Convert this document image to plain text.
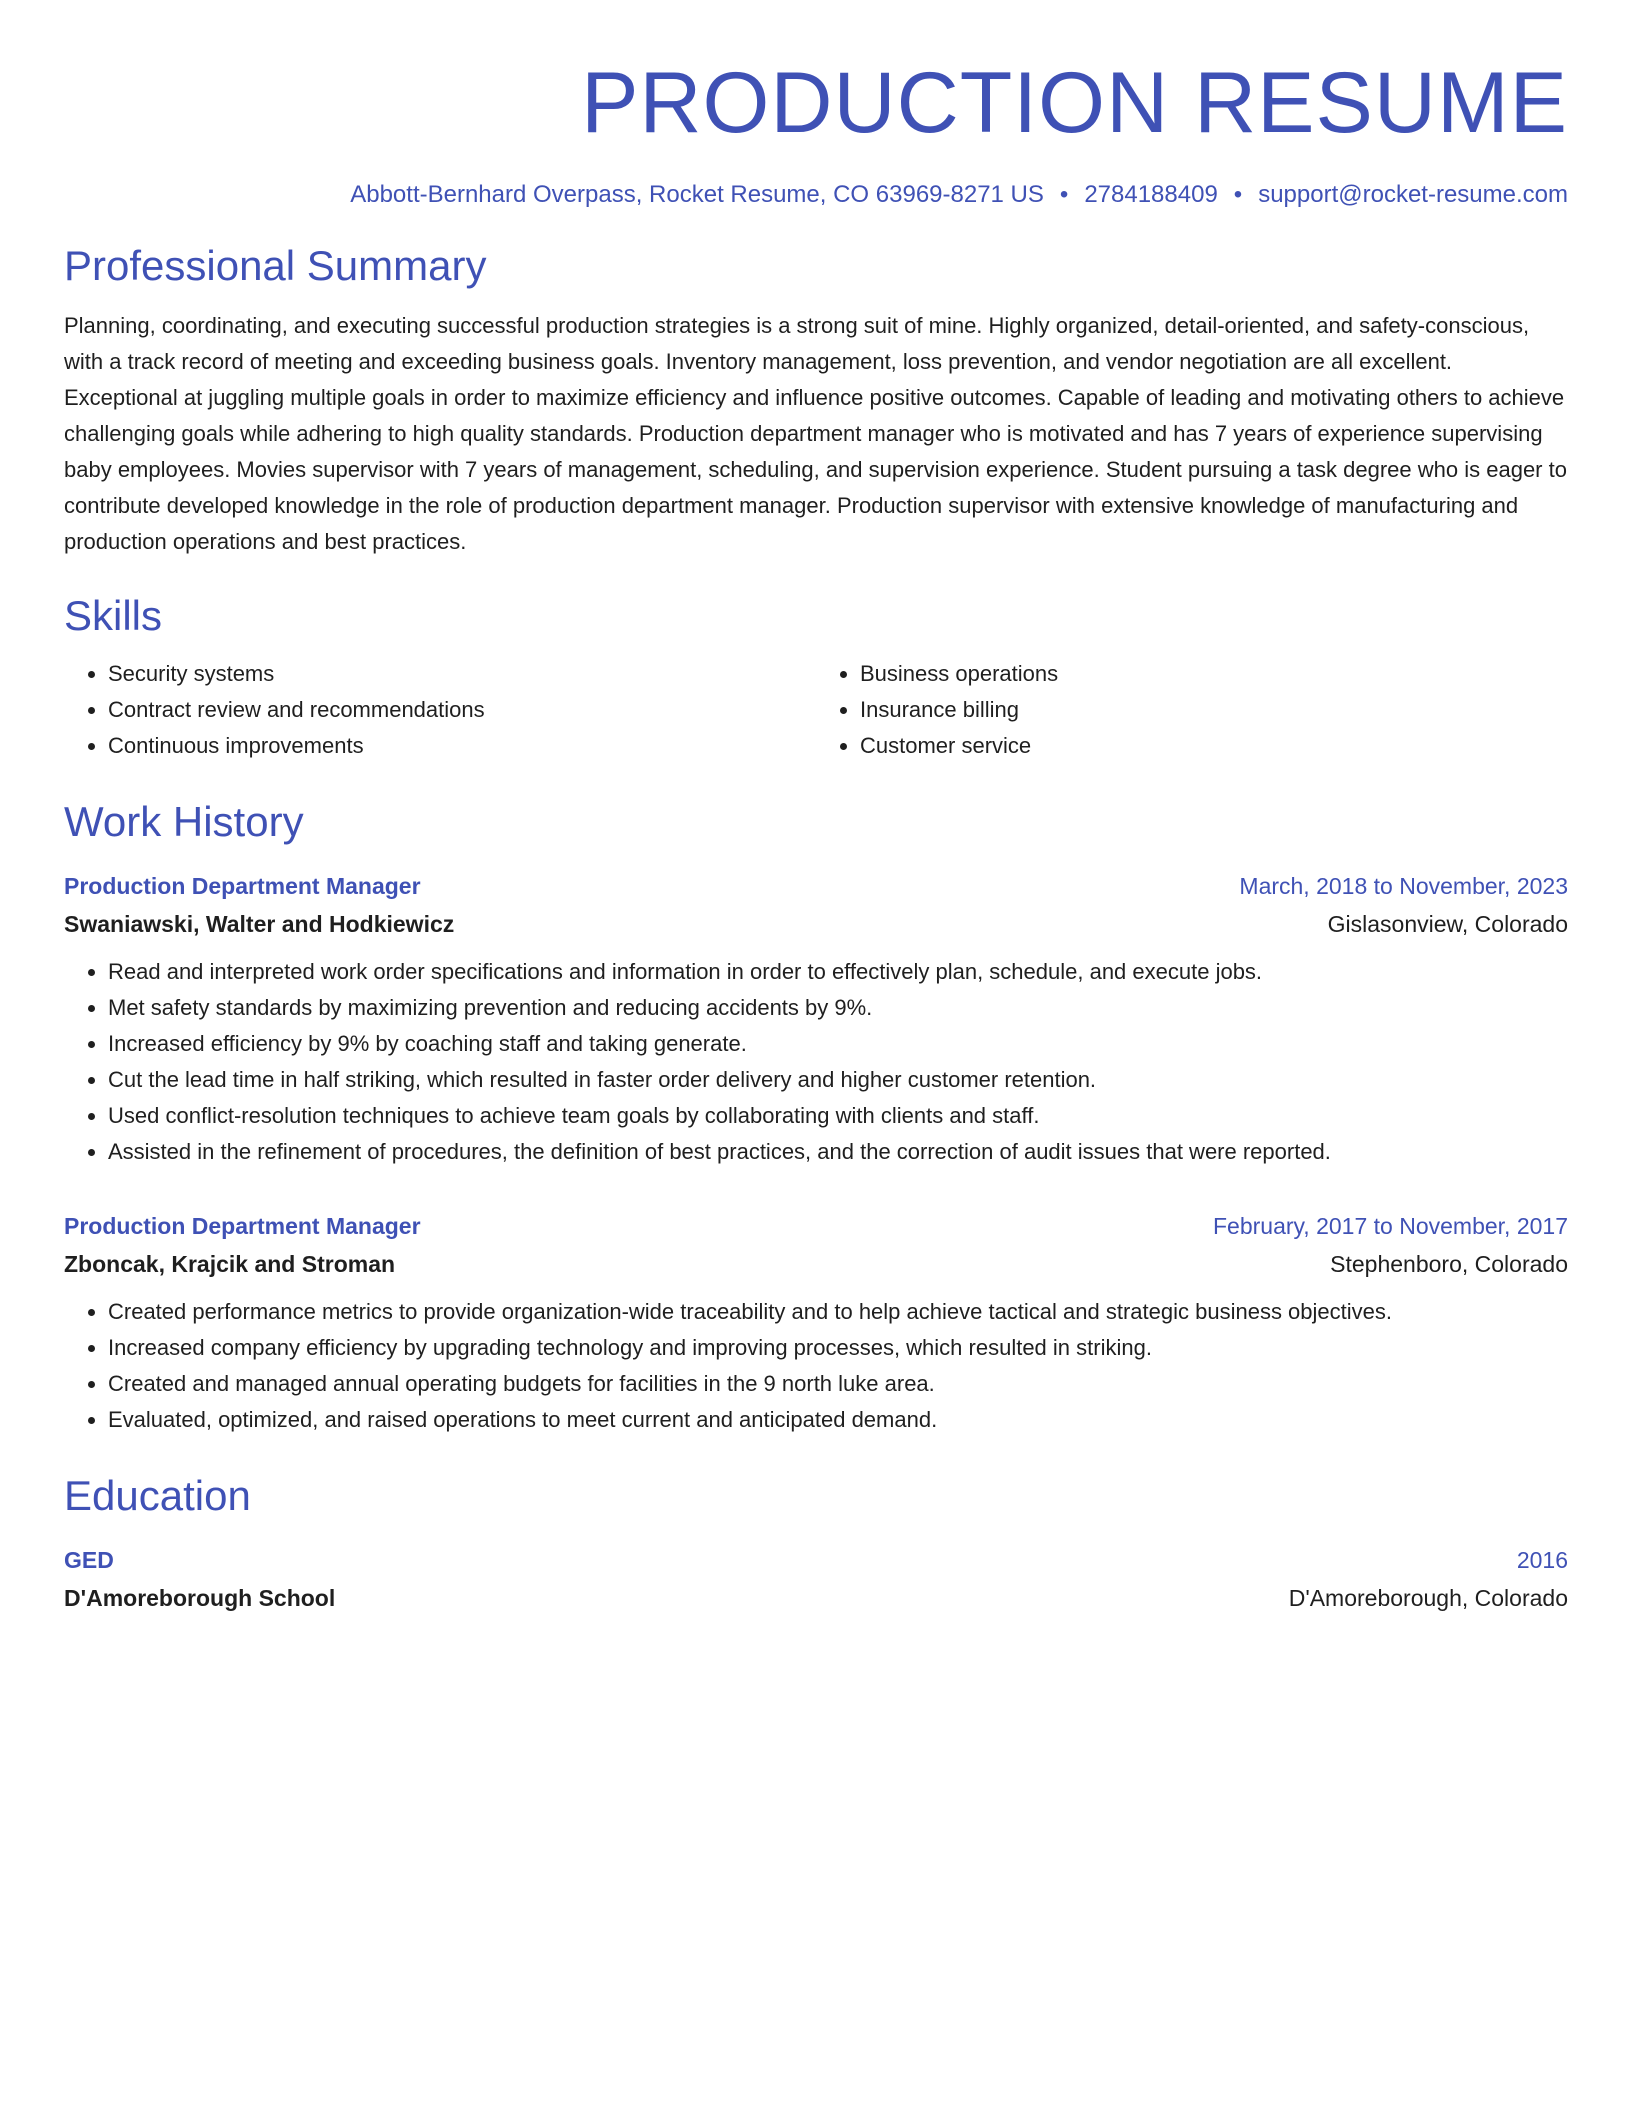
PRODUCTION RESUME
Abbott-Bernhard Overpass, Rocket Resume, CO 63969-8271 US • 2784188409 • support@rocket-resume.com
Professional Summary

Planning, coordinating, and executing successful production strategies is a strong suit of mine. Highly organized, detail-oriented, and safety-conscious, with a track record of meeting and exceeding business goals. Inventory management, loss prevention, and vendor negotiation are all excellent. Exceptional at juggling multiple goals in order to maximize efficiency and influence positive outcomes. Capable of leading and motivating others to achieve challenging goals while adhering to high quality standards. Production department manager who is motivated and has 7 years of experience supervising baby employees. Movies supervisor with 7 years of management, scheduling, and supervision experience. Student pursuing a task degree who is eager to contribute developed knowledge in the role of production department manager. Production supervisor with extensive knowledge of manufacturing and production operations and best practices.

Skills
• Security systems
• Contract review and recommendations
• Continuous improvements
• Business operations
• Insurance billing
• Customer service
Work History
Production Department Manager	March, 2018 to November, 2023
Swaniawski, Walter and Hodkiewicz	Gislasonview, Colorado
• Read and interpreted work order specifications and information in order to effectively plan, schedule, and execute jobs.
• Met safety standards by maximizing prevention and reducing accidents by 9%.
• Increased efficiency by 9% by coaching staff and taking generate.
• Cut the lead time in half striking, which resulted in faster order delivery and higher customer retention.
• Used conflict-resolution techniques to achieve team goals by collaborating with clients and staff.
• Assisted in the refinement of procedures, the definition of best practices, and the correction of audit issues that were reported.
Production Department Manager	February, 2017 to November, 2017
Zboncak, Krajcik and Stroman	Stephenboro, Colorado
• Created performance metrics to provide organization-wide traceability and to help achieve tactical and strategic business objectives.
• Increased company efficiency by upgrading technology and improving processes, which resulted in striking.
• Created and managed annual operating budgets for facilities in the 9 north luke area.
• Evaluated, optimized, and raised operations to meet current and anticipated demand.
Education
GED	2016
D'Amoreborough School	D'Amoreborough, Colorado
